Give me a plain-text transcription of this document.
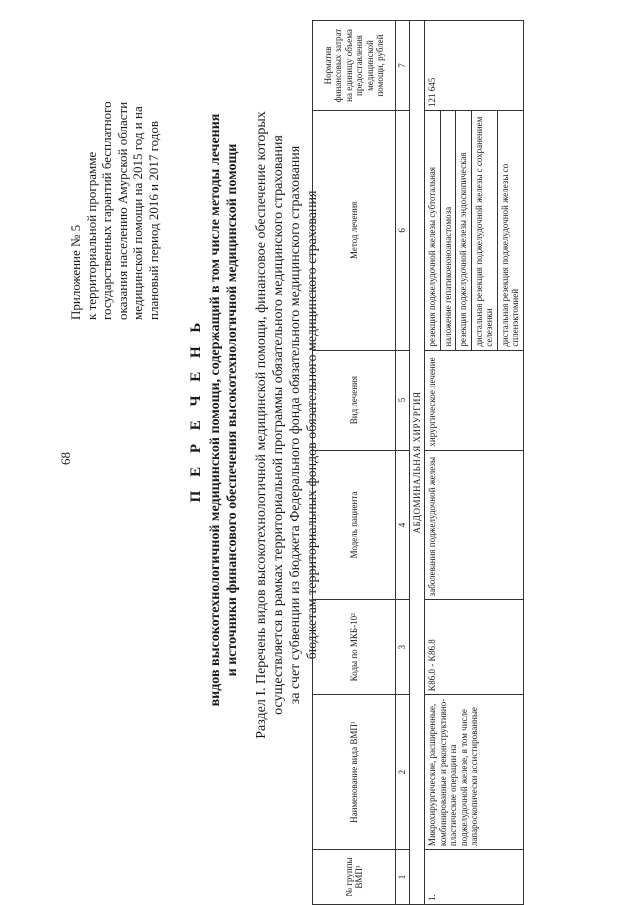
68
Приложение № 5 к территориальной программе государственных гарантий бесплатного оказания населению Амурской области медицинской помощи на 2015 год и на плановый период 2016 и 2017 годов
П Е Р Е Ч Е Н Ь видов высокотехнологичной медицинской помощи, содержащий в том числе методы лечения и источники финансового обеспечения высокотехнологичной медицинской помощи Раздел I. Перечень видов высокотехнологичной медицинской помощи, финансовое обеспечение которых осуществляется в рамках территориальной программы обязательного медицинского страхования за счет субвенции из бюджета Федерального фонда обязательного медицинского страхования бюджетам территориальных фондов обязательного медицинского страхования
№ группы ВМП¹	Наименование вида ВМП¹	Коды по МКБ-10²	Модель пациента	Вид лечения	Метод лечения	Норматив финансовых затрат на единицу объема предоставления медицинской помощи, рублей
1	2	3	4	5	6	7
АБДОМИНАЛЬНАЯ ХИРУРГИЯ						
1.	Микрохирургические, расширенные, комбинированные и реконструктивно-пластические операции на поджелудочной железе, в том числе лапароскопически ассистированные	K86.0 - K86.8	заболевания поджелудочной железы	хирургическое лечение	резекция поджелудочной железы субтотальная	121 645
					наложение гепатикоеюноанастомоза	
					резекция поджелудочной железы эндоскопическая	
					дистальная резекция поджелудочной железы с сохранением селезенки	
					дистальная резекция поджелудочной железы со спленэктомией	
